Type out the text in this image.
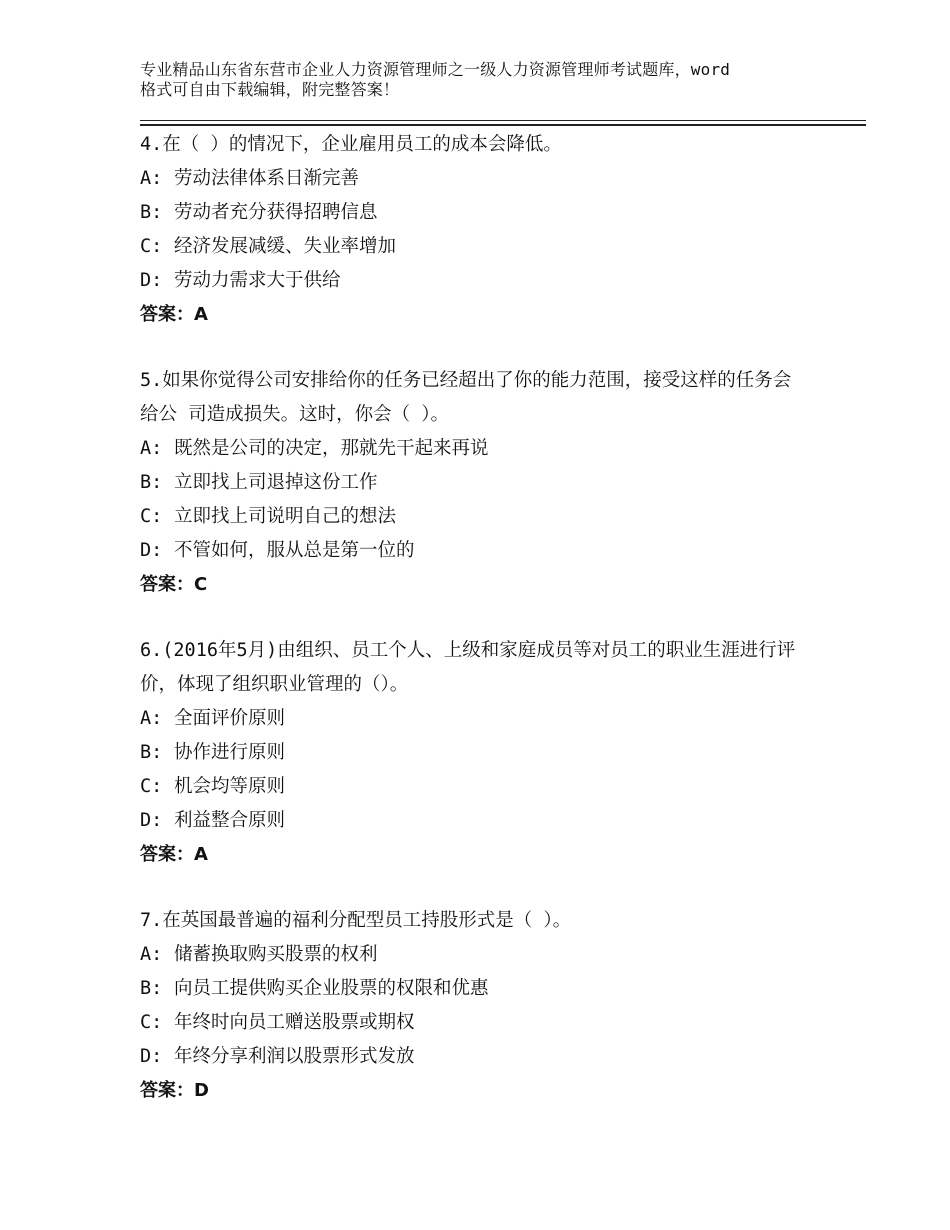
专业精品山东省东营市企业人力资源管理师之一级人力资源管理师考试题库，word
格式可自由下载编辑，附完整答案！
4.在（ ）的情况下，企业雇用员工的成本会降低。
A: 劳动法律体系日渐完善
B: 劳动者充分获得招聘信息
C: 经济发展减缓、失业率增加
D: 劳动力需求大于供给
答案：A
5.如果你觉得公司安排给你的任务已经超出了你的能力范围，接受这样的任务会给公 司造成损失。这时，你会（ ）。
A: 既然是公司的决定，那就先干起来再说
B: 立即找上司退掉这份工作
C: 立即找上司说明自己的想法
D: 不管如何，服从总是第一位的
答案：C
6.(2016年5月)由组织、员工个人、上级和家庭成员等对员工的职业生涯进行评价，体现了组织职业管理的（）。
A: 全面评价原则
B: 协作进行原则
C: 机会均等原则
D: 利益整合原则
答案：A
7.在英国最普遍的福利分配型员工持股形式是（ ）。
A: 储蓄换取购买股票的权利
B: 向员工提供购买企业股票的权限和优惠
C: 年终时向员工赠送股票或期权
D: 年终分享利润以股票形式发放
答案：D
